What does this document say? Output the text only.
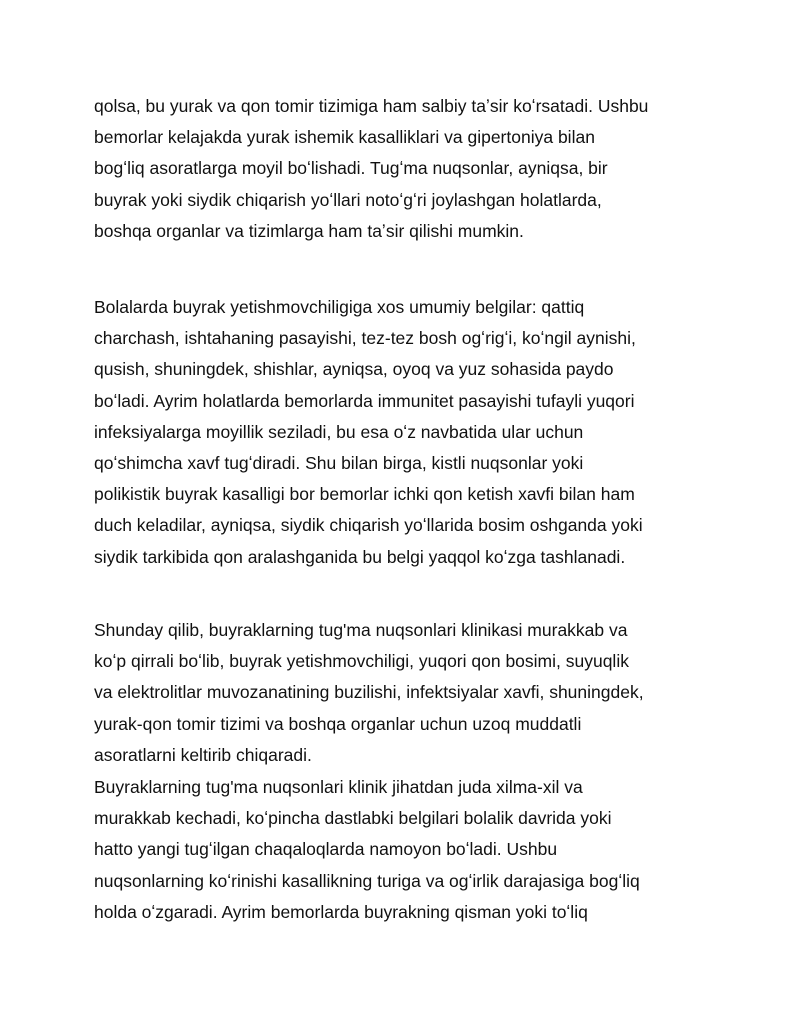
qolsa, bu yurak va qon tomir tizimiga ham salbiy taʼsir koʻrsatadi. Ushbu
bemorlar kelajakda yurak ishemik kasalliklari va gipertoniya bilan
bogʻliq asoratlarga moyil boʻlishadi. Tugʻma nuqsonlar, ayniqsa, bir
buyrak yoki siydik chiqarish yoʻllari notoʻgʻri joylashgan holatlarda,
boshqa organlar va tizimlarga ham taʼsir qilishi mumkin.

Bolalarda buyrak yetishmovchiligiga xos umumiy belgilar: qattiq
charchash, ishtahaning pasayishi, tez-tez bosh ogʻrigʻi, koʻngil aynishi,
qusish, shuningdek, shishlar, ayniqsa, oyoq va yuz sohasida paydo
boʻladi. Ayrim holatlarda bemorlarda immunitet pasayishi tufayli yuqori
infeksiyalarga moyillik seziladi, bu esa oʻz navbatida ular uchun
qoʻshimcha xavf tugʻdiradi. Shu bilan birga, kistli nuqsonlar yoki
polikistik buyrak kasalligi bor bemorlar ichki qon ketish xavfi bilan ham
duch keladilar, ayniqsa, siydik chiqarish yoʻllarida bosim oshganda yoki
siydik tarkibida qon aralashganida bu belgi yaqqol koʻzga tashlanadi.

Shunday qilib, buyraklarning tug'ma nuqsonlari klinikasi murakkab va
koʻp qirrali boʻlib, buyrak yetishmovchiligi, yuqori qon bosimi, suyuqlik
va elektrolitlar muvozanatining buzilishi, infektsiyalar xavfi, shuningdek,
yurak-qon tomir tizimi va boshqa organlar uchun uzoq muddatli
asoratlarni keltirib chiqaradi.

Buyraklarning tug'ma nuqsonlari klinik jihatdan juda xilma-xil va
murakkab kechadi, koʻpincha dastlabki belgilari bolalik davrida yoki
hatto yangi tugʻilgan chaqaloqlarda namoyon boʻladi. Ushbu
nuqsonlarning koʻrinishi kasallikning turiga va ogʻirlik darajasiga bogʻliq
holda oʻzgaradi. Ayrim bemorlarda buyrakning qisman yoki toʻliq
